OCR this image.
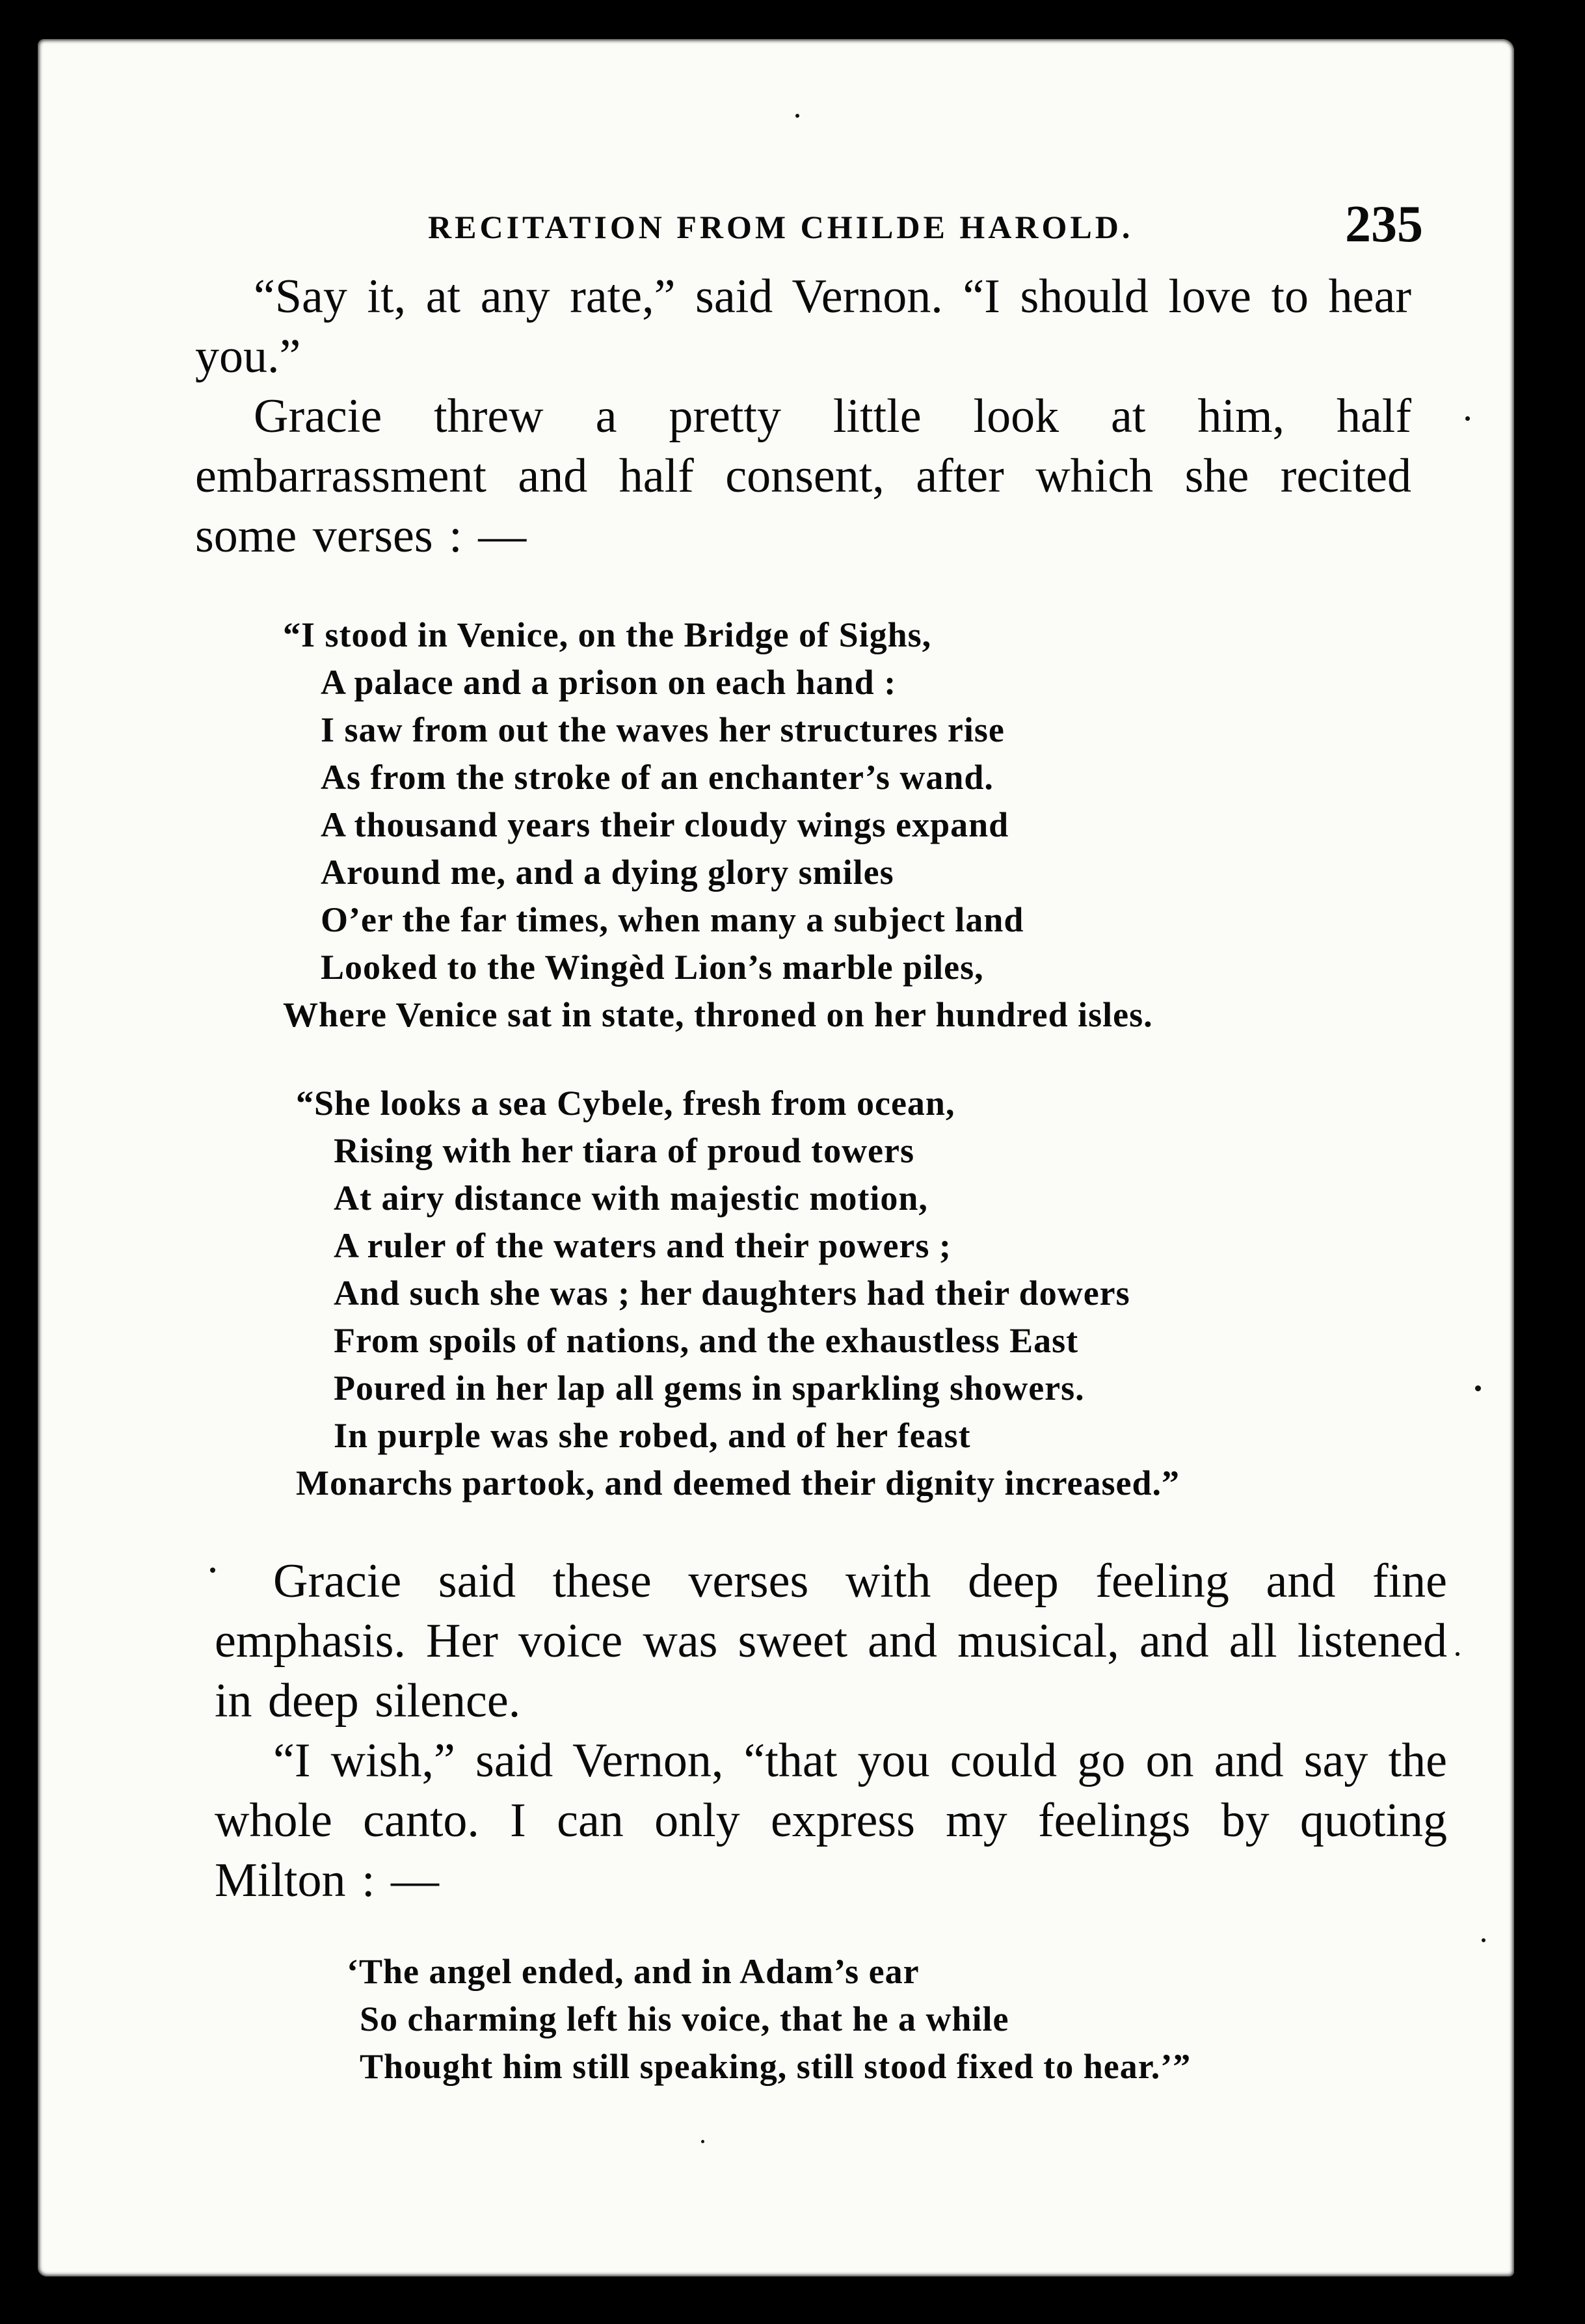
RECITATION FROM CHILDE HAROLD.	235

“Say it, at any rate,” said Vernon. “I should love to hear you.”

Gracie threw a pretty little look at him, half embarrassment and half consent, after which she recited some verses : —

“I stood in Venice, on the Bridge of Sighs,
A palace and a prison on each hand :
I saw from out the waves her structures rise
As from the stroke of an enchanter’s wand.
A thousand years their cloudy wings expand
Around me, and a dying glory smiles
O’er the far times, when many a subject land
Looked to the Wingèd Lion’s marble piles,
Where Venice sat in state, throned on her hundred isles.
“She looks a sea Cybele, fresh from ocean,
Rising with her tiara of proud towers
At airy distance with majestic motion,
A ruler of the waters and their powers ;
And such she was ; her daughters had their dowers
From spoils of nations, and the exhaustless East
Poured in her lap all gems in sparkling showers.
In purple was she robed, and of her feast
Monarchs partook, and deemed their dignity increased.”

Gracie said these verses with deep feeling and fine emphasis. Her voice was sweet and musical, and all listened in deep silence.

“I wish,” said Vernon, “that you could go on and say the whole canto. I can only express my feelings by quoting Milton : —

‘The angel ended, and in Adam’s ear
So charming left his voice, that he a while
Thought him still speaking, still stood fixed to hear.’”
